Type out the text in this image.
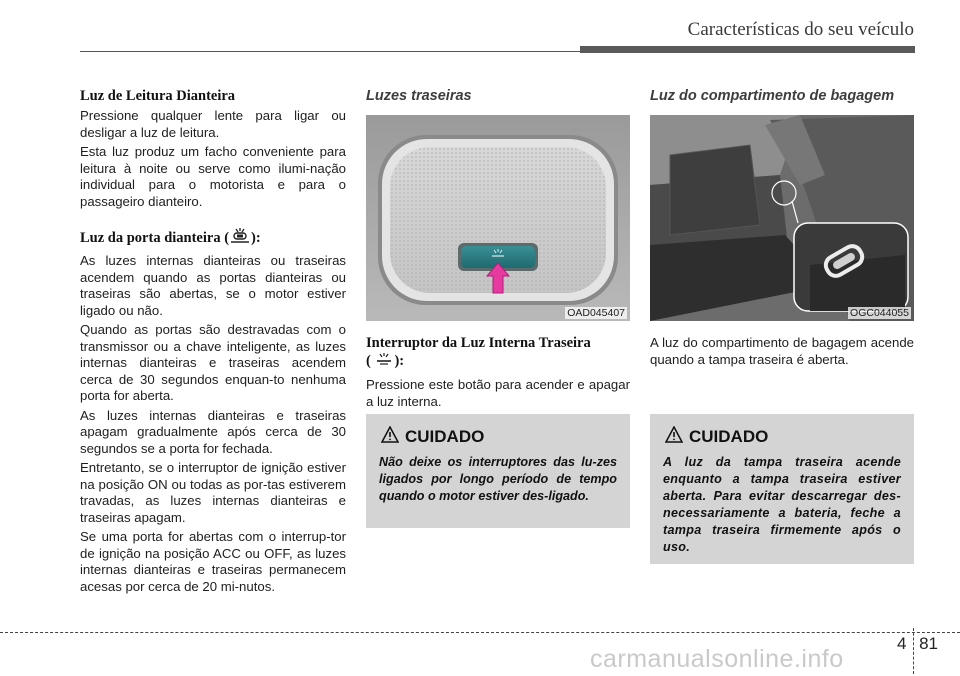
Características do seu veículo
Luz de Leitura Dianteira
Pressione qualquer lente para ligar ou desligar a luz de leitura.
Esta luz produz um facho conveniente para leitura à noite ou serve como ilumi-nação individual para o motorista e para o passageiro dianteiro.
Luz da porta dianteira ( ):
As luzes internas dianteiras ou traseiras acendem quando as portas dianteiras ou traseiras são abertas, se o motor estiver ligado ou não.
Quando as portas são destravadas com o transmissor ou a chave inteligente, as luzes internas dianteiras e traseiras acendem cerca de 30 segundos enquan-to nenhuma porta for aberta.
As luzes internas dianteiras e traseiras apagam gradualmente após cerca de 30 segundos se a porta for fechada.
Entretanto, se o interruptor de ignição estiver na posição ON ou todas as por-tas estiverem travadas, as luzes internas dianteiras e traseiras apagam.
Se uma porta for abertas com o interrup-tor de ignição na posição ACC ou OFF, as luzes internas dianteiras e traseiras permanecem acesas por cerca de 20 mi-nutos.
Luzes traseiras
OAD045407
Interruptor da Luz Interna Traseira
( ):
Pressione este botão para acender e apagar a luz interna.
CUIDADO
Não deixe os interruptores das lu-zes ligados por longo período de tempo quando o motor estiver des-ligado.
Luz do compartimento de bagagem
OGC044055
A luz do compartimento de bagagem acende quando a tampa traseira é aberta.
CUIDADO
A luz da tampa traseira acende enquanto a tampa traseira estiver aberta. Para evitar descarregar des-necessariamente a bateria, feche a tampa traseira firmemente após o uso.
4 81
carmanualsonline.info
